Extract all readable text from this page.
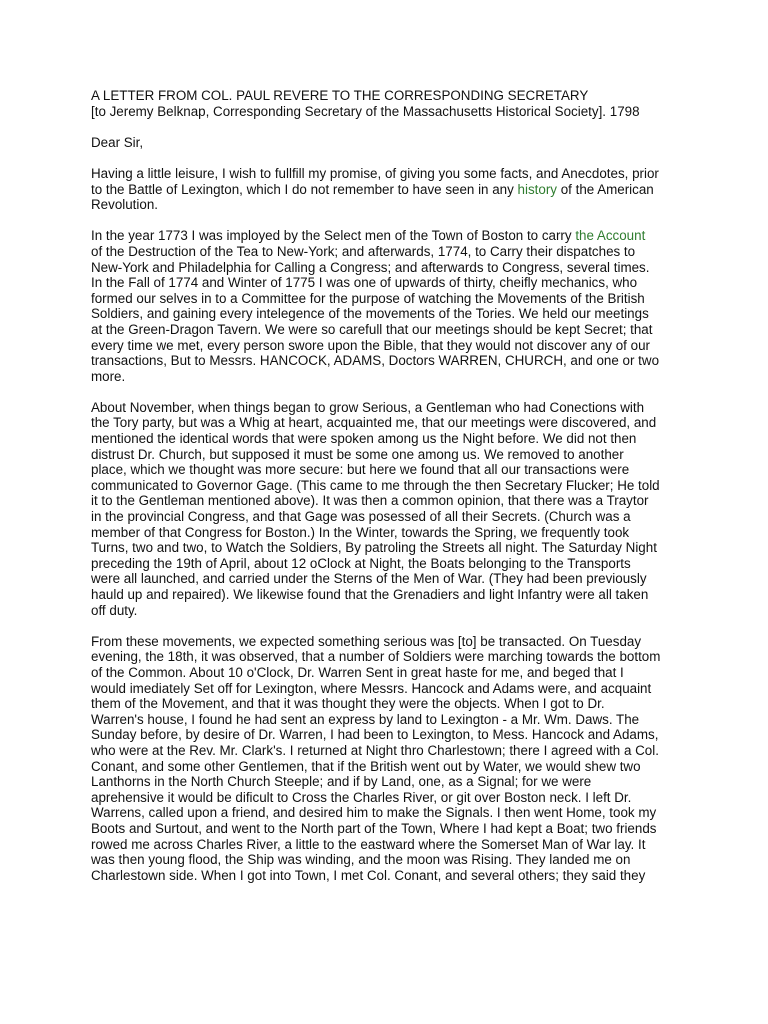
A LETTER FROM COL. PAUL REVERE TO THE CORRESPONDING SECRETARY
[to Jeremy Belknap, Corresponding Secretary of the Massachusetts Historical Society]. 1798
Dear Sir,
Having a little leisure, I wish to fullfill my promise, of giving you some facts, and Anecdotes, prior
to the Battle of Lexington, which I do not remember to have seen in any history of the American
Revolution.
In the year 1773 I was imployed by the Select men of the Town of Boston to carry the Account
of the Destruction of the Tea to New-York; and afterwards, 1774, to Carry their dispatches to
New-York and Philadelphia for Calling a Congress; and afterwards to Congress, several times.
In the Fall of 1774 and Winter of 1775 I was one of upwards of thirty, cheifly mechanics, who
formed our selves in to a Committee for the purpose of watching the Movements of the British
Soldiers, and gaining every intelegence of the movements of the Tories. We held our meetings
at the Green-Dragon Tavern. We were so carefull that our meetings should be kept Secret; that
every time we met, every person swore upon the Bible, that they would not discover any of our
transactions, But to Messrs. HANCOCK, ADAMS, Doctors WARREN, CHURCH, and one or two
more.
About November, when things began to grow Serious, a Gentleman who had Conections with
the Tory party, but was a Whig at heart, acquainted me, that our meetings were discovered, and
mentioned the identical words that were spoken among us the Night before. We did not then
distrust Dr. Church, but supposed it must be some one among us. We removed to another
place, which we thought was more secure: but here we found that all our transactions were
communicated to Governor Gage. (This came to me through the then Secretary Flucker; He told
it to the Gentleman mentioned above). It was then a common opinion, that there was a Traytor
in the provincial Congress, and that Gage was posessed of all their Secrets. (Church was a
member of that Congress for Boston.) In the Winter, towards the Spring, we frequently took
Turns, two and two, to Watch the Soldiers, By patroling the Streets all night. The Saturday Night
preceding the 19th of April, about 12 oClock at Night, the Boats belonging to the Transports
were all launched, and carried under the Sterns of the Men of War. (They had been previously
hauld up and repaired). We likewise found that the Grenadiers and light Infantry were all taken
off duty.
From these movements, we expected something serious was [to] be transacted. On Tuesday
evening, the 18th, it was observed, that a number of Soldiers were marching towards the bottom
of the Common. About 10 o'Clock, Dr. Warren Sent in great haste for me, and beged that I
would imediately Set off for Lexington, where Messrs. Hancock and Adams were, and acquaint
them of the Movement, and that it was thought they were the objects. When I got to Dr.
Warren's house, I found he had sent an express by land to Lexington - a Mr. Wm. Daws. The
Sunday before, by desire of Dr. Warren, I had been to Lexington, to Mess. Hancock and Adams,
who were at the Rev. Mr. Clark's. I returned at Night thro Charlestown; there I agreed with a Col.
Conant, and some other Gentlemen, that if the British went out by Water, we would shew two
Lanthorns in the North Church Steeple; and if by Land, one, as a Signal; for we were
aprehensive it would be dificult to Cross the Charles River, or git over Boston neck. I left Dr.
Warrens, called upon a friend, and desired him to make the Signals. I then went Home, took my
Boots and Surtout, and went to the North part of the Town, Where I had kept a Boat; two friends
rowed me across Charles River, a little to the eastward where the Somerset Man of War lay. It
was then young flood, the Ship was winding, and the moon was Rising. They landed me on
Charlestown side. When I got into Town, I met Col. Conant, and several others; they said they
